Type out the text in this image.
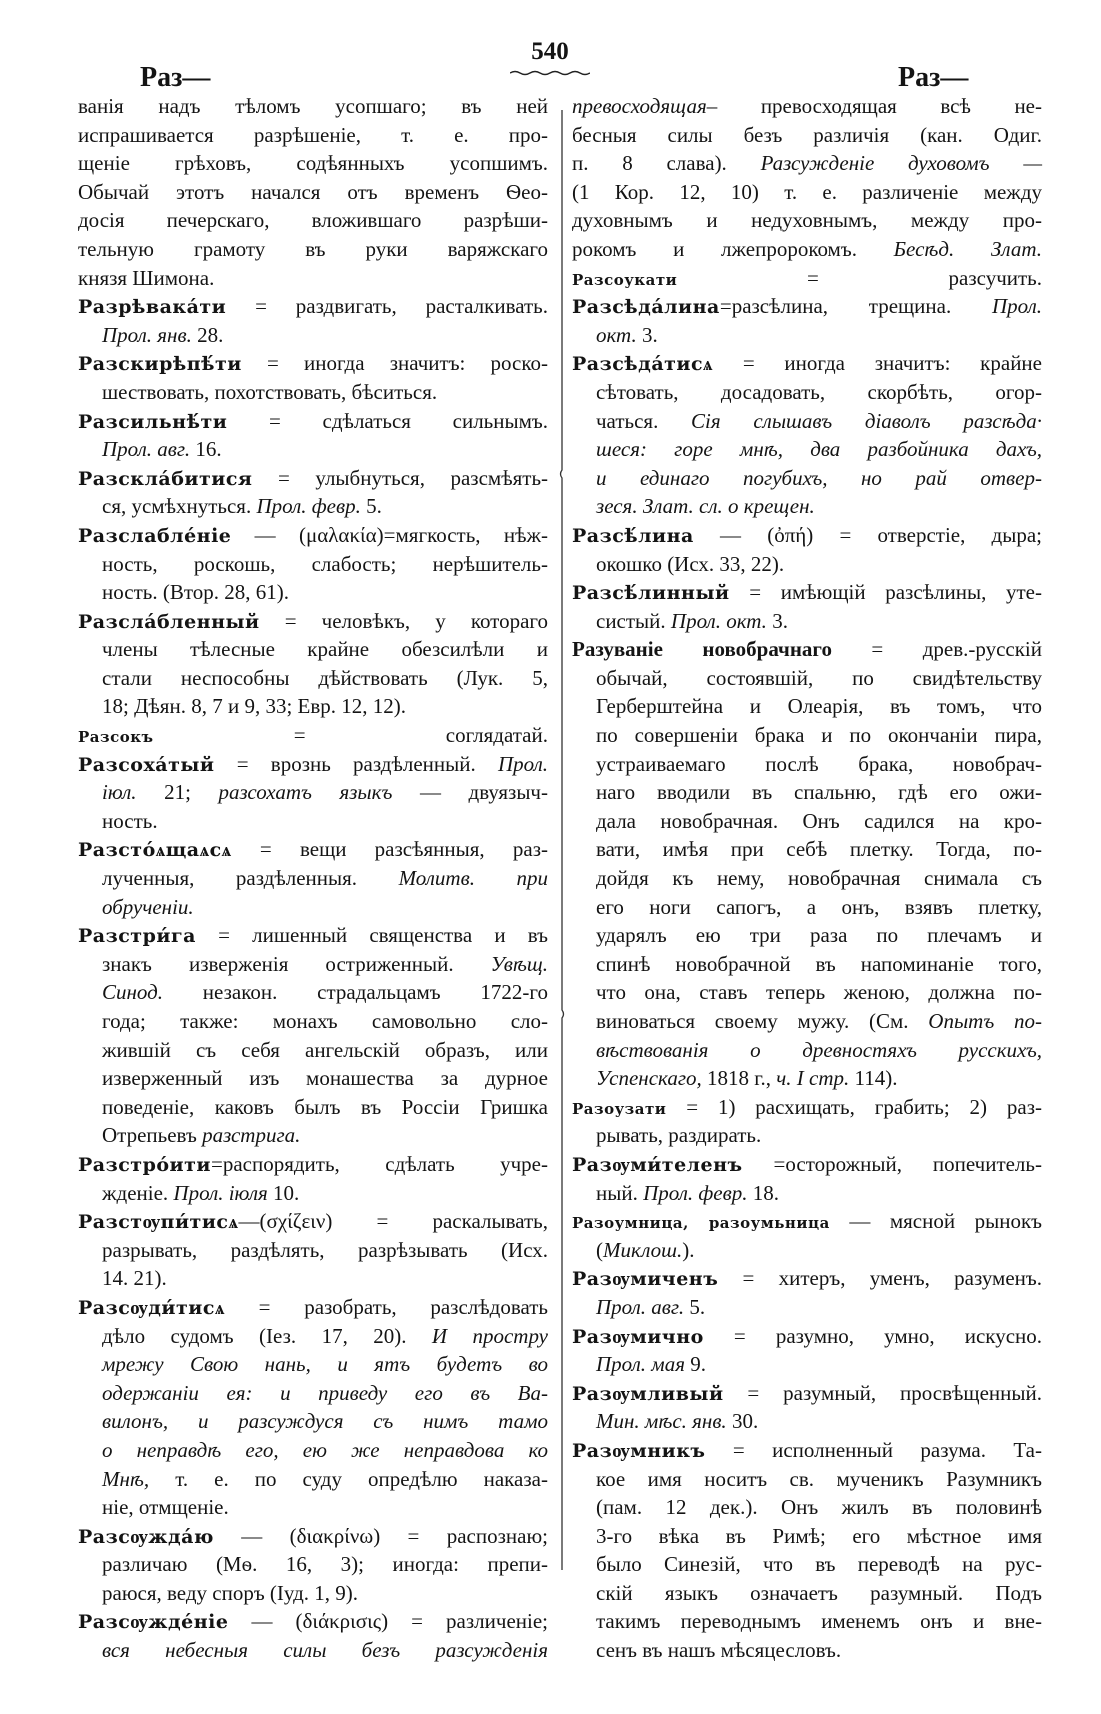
540
Раз—	Раз—
ванія надъ тѣломъ усопшаго; въ ней
испрашивается разрѣшеніе, т. е. про-
щеніе грѣховъ, содѣянныхъ усопшимъ.
Обычай этотъ начался отъ временъ Ѳео-
досія печерскаго, вложившаго разрѣши-
тельную грамоту въ руки варяжскаго
князя Шимона.
Разрѣвакáти = раздвигать, расталкивать.
Прол. янв. 28.
Разскирѣпѣ́ти = иногда значитъ: роско-
шествовать, похотствовать, бѣситься.
Разсильнѣ́ти = сдѣлаться сильнымъ.
Прол. авг. 16.
Разсклáбитися = улыбнуться, разсмѣять-
ся, усмѣхнуться. Прол. февр. 5.
Разслабле́ніе — (μαλακία)=мягкость, нѣж-
ность, роскошь, слабость; нерѣшитель-
ность. (Втор. 28, 61).
Разслáбленный = человѣкъ, у котораго
члены тѣлесные крайне обезсилѣли и
стали неспособны дѣйствовать (Лук. 5,
18; Дѣян. 8, 7 и 9, 33; Евр. 12, 12).
Разсокъ = соглядатай.
Разсоха́тый = врознь раздѣленный. Прол.
іюл. 21; разсохатъ языкъ — двуязыч-
ность.
Разсто́ѧщаѧсѧ = вещи разсѣянныя, раз-
лученныя, раздѣленныя. Молитв. при
обрученіи.
Разстри́га = лишенный священства и въ
знакъ изверженія остриженный. Увѣщ.
Синод. незакон. страдальцамъ 1722-го
года; также: монахъ самовольно сло-
жившій съ себя ангельскій образъ, или
изверженный изъ монашества за дурное
поведеніе, каковъ былъ въ Россіи Гришка
Отрепьевъ разстрига.
Разстро́ити=распорядить, сдѣлать учре-
жденіе. Прол. іюля 10.
Разстѹпи́тисѧ—(σχίζειν) = раскалывать,
разрывать, раздѣлять, разрѣзывать (Исх.
14. 21).
Разсѹди́тисѧ = разобрать, разслѣдовать
дѣло судомъ (Іез. 17, 20). И простру
мрежу Свою нань, и ятъ будетъ во
одержаніи ея: и приведу его въ Ва-
вилонъ, и разсуждуся съ нимъ тамо
о неправдѣ его, ею же неправдова ко
Мнѣ, т. е. по суду опредѣлю наказа-
ніе, отмщеніе.
Разсѹжда́ю — (διακρίνω) = распознаю;
различаю (Мѳ. 16, 3); иногда: препи-
раюся, веду споръ (Іуд. 1, 9).
Разсѹжде́ніе — (διάκρισις) = различеніе;
вся небесныя силы безъ разсужденія
превосходящая– превосходящая всѣ не-
бесныя силы безъ различія (кан. Одиг.
п. 8 слава). Разсужденіе духовомъ —
(1 Кор. 12, 10) т. е. различеніе между
духовнымъ и недуховнымъ, между про-
рокомъ и лжепророкомъ. Бесѣд. Злат.
Разсоукати = разсучить.
Разсѣда́лина=разсѣлина, трещина. Прол.
окт. 3.
Разсѣда́тисѧ = иногда значитъ: крайне
сѣтовать, досадовать, скорбѣть, огор-
чаться. Сія слышавъ діаволъ разсѣда·
шеся: горе мнѣ, два разбойника дахъ,
и единаго погубихъ, но рай отвер-
зеся. Злат. сл. о крещен.
Разсѣ́лина — (ὀπή) = отверстіе, дыра;
окошко (Исх. 33, 22).
Разсѣ́линный = имѣющій разсѣлины, уте-
систый. Прол. окт. 3.
Разуваніе новобрачнаго = древ.-русскій
обычай, состоявшій, по свидѣтельству
Герберштейна и Олеарія, въ томъ, что
по совершеніи брака и по окончаніи пира,
устраиваемаго послѣ брака, новобрач-
наго вводили въ спальню, гдѣ его ожи-
дала новобрачная. Онъ садился на кро-
вати, имѣя при себѣ плетку. Тогда, по-
дойдя къ нему, новобрачная снимала съ
его ноги сапогъ, а онъ, взявъ плетку,
ударялъ ею три раза по плечамъ и
спинѣ новобрачной въ напоминаніе того,
что она, ставъ теперь женою, должна по-
виноваться своему мужу. (См. Опытъ по-
вѣствованія о древностяхъ русскихъ,
Успенскаго, 1818 г., ч. I стр. 114).
Разоузати = 1) расхищать, грабить; 2) раз-
рывать, раздирать.
Разѹми́теленъ =осторожный, попечитель-
ный. Прол. февр. 18.
Разоумница, разоумьница — мясной рынокъ
(Миклош.).
Разѹмиченъ = хитеръ, уменъ, разуменъ.
Прол. авг. 5.
Разѹмично = разумно, умно, искусно.
Прол. мая 9.
Разѹмливый = разумный, просвѣщенный.
Мин. мѣс. янв. 30.
Разѹмникъ = исполненный разума. Та-
кое имя носитъ св. мученикъ Разумникъ
(пам. 12 дек.). Онъ жилъ въ половинѣ
3-го вѣка въ Римѣ; его мѣстное имя
было Синезій, что въ переводѣ на рус-
скій языкъ означаетъ разумный. Подъ
такимъ переводнымъ именемъ онъ и вне-
сенъ въ нашъ мѣсяцесловъ.
